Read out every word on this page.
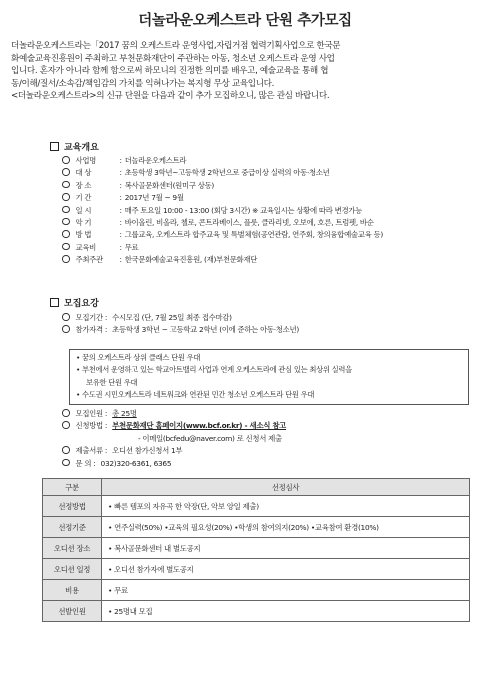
더놀라운오케스트라 단원 추가모집

더놀라운오케스트라는「2017 꿈의 오케스트라 운영사업,자립거점 협력기획사업으로 한국문

화예술교육진흥원이 주최하고 부천문화재단이 주관하는 아동, 청소년 오케스트라 운영 사업

입니다. 혼자가 아니라 함께 함으로써 하모니의 진정한 의미를 배우고, 예술교육을 통해 협

동/이해/질서/소속감/책임감의 가치를 익혀나가는 복지형 무상 교육입니다.

<더놀라운오케스트라>의 신규 단원을 다음과 같이 추가 모집하오니, 많은 관심 바랍니다.

교육개요
사업명	: 더놀라운오케스트라
대 상	: 초등학생 3학년~고등학생 2학년으로 중급이상 실력의 아동·청소년
장 소	: 복사골문화센터(원미구 상동)
기 간	: 2017년 7월 ~ 9월
일 시	: 매주 토요일 10:00 - 13:00 (회당 3시간) ※ 교육일시는 상황에 따라 변경가능
악 기	: 바이올린, 비올라, 첼로, 콘트라베이스, 플룻, 클라리넷, 오보에, 호른, 트럼펫, 바순
방 법	: 그룹교육, 오케스트라 합주교육 및 특별체험(공연관람, 연주회, 창의융합예술교육 등)
교육비	: 무료
주최주관 : 한국문화예술교육진흥원, (재)부천문화재단
모집요강
모집기간 : 수시모집 (단, 7월 25일 최종 접수마감)
참가자격 : 초등학생 3학년 ~ 고등학교 2학년 (이에 준하는 아동·청소년)
• 꿈의 오케스트라 상위 클래스 단원 우대
• 부천에서 운영하고 있는 학교아트밸리 사업과 연계 오케스트라에 관심 있는 최상위 실력을
보유한 단원 우대
• 수도권 시민오케스트라 네트워크와 연관된 민간 청소년 오케스트라 단원 우대
모집인원 : 총 25명
신청방법 : 부천문화재단 홈페이지(www.bcf.or.kr) - 새소식 참고
- 이메일(bcfedu@naver.com) 로 신청서 제출
제출서류 : 오디션 참가신청서 1부
문 의 : 032)320-6361, 6365
구분	선정심사
선정방법	• 빠른 템포의 자유곡 한 악장(단, 악보 앙일 제출)
선정기준	• 연주실력(50%) •교육의 필요성(20%) •학생의 참여의지(20%) •교육참여 환경(10%)
오디션 장소	• 복사골문화센터 내 별도공지
오디션 일정	• 오디션 참가자에 별도공지
비용	• 무료
선발인원	• 25명내 모집
